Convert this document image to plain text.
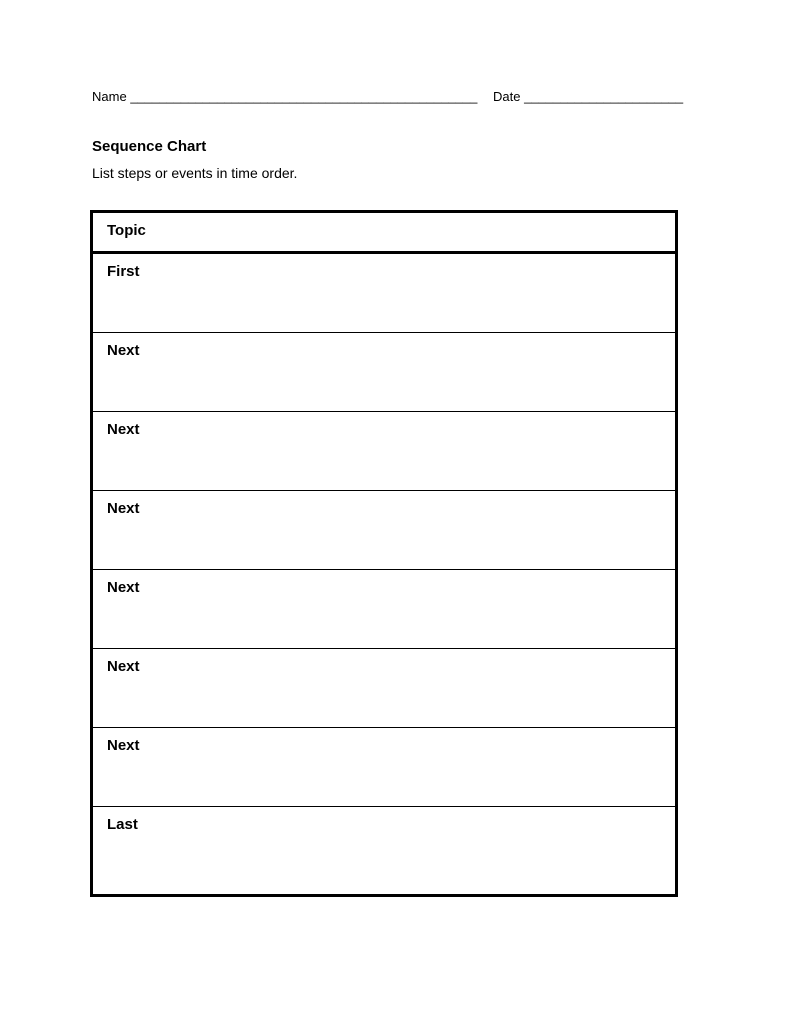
Name ________________________________________________ Date ______________________
Sequence Chart
List steps or events in time order.
Topic
First
Next
Next
Next
Next
Next
Next
Last
